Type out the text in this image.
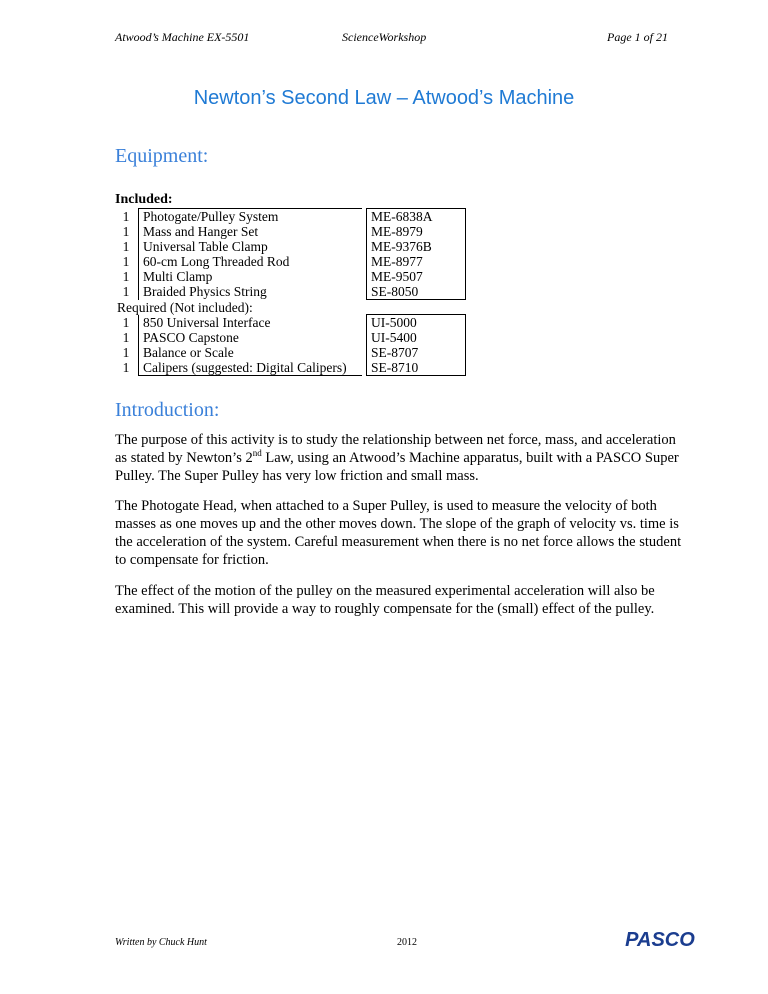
Atwood’s Machine EX-5501	ScienceWorkshop	Page 1 of 21
Newton’s Second Law – Atwood’s Machine
Equipment:
Included:
1	Photogate/Pulley System		ME-6838A
1	Mass and Hanger Set		ME-8979
1	Universal Table Clamp		ME-9376B
1	60-cm Long Threaded Rod		ME-8977
1	Multi Clamp		ME-9507
1	Braided Physics String		SE-8050
Required (Not included):			
1	850 Universal Interface		UI-5000
1	PASCO Capstone		UI-5400
1	Balance or Scale		SE-8707
1	Calipers (suggested: Digital Calipers)		SE-8710
Introduction:
The purpose of this activity is to study the relationship between net force, mass, and acceleration as stated by Newton’s 2nd Law, using an Atwood’s Machine apparatus, built with a PASCO Super Pulley. The Super Pulley has very low friction and small mass.
The Photogate Head, when attached to a Super Pulley, is used to measure the velocity of both masses as one moves up and the other moves down. The slope of the graph of velocity vs. time is the acceleration of the system. Careful measurement when there is no net force allows the student to compensate for friction.
The effect of the motion of the pulley on the measured experimental acceleration will also be examined. This will provide a way to roughly compensate for the (small) effect of the pulley.
Written by Chuck Hunt	2012	PASCO
